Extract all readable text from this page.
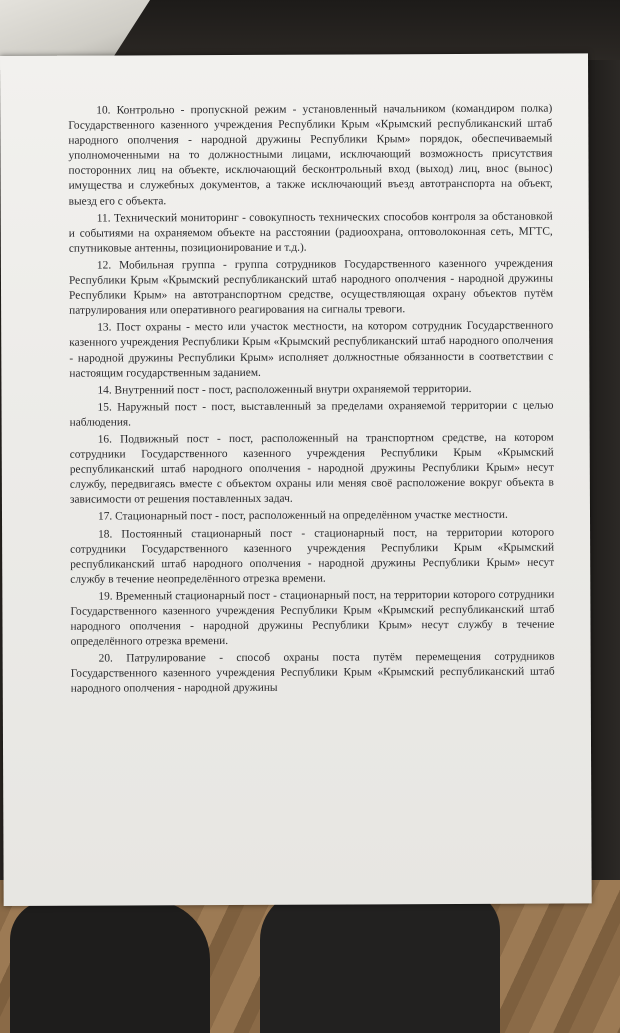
10. Контрольно - пропускной режим - установленный начальником (командиром полка) Государственного казенного учреждения Республики Крым «Крымский республиканский штаб народного ополчения - народной дружины Республики Крым» порядок, обеспечиваемый уполномоченными на то должностными лицами, исключающий возможность присутствия посторонних лиц на объекте, исключающий бесконтрольный вход (выход) лиц, внос (вынос) имущества и служебных документов, а также исключающий въезд автотранспорта на объект, выезд его с объекта.

11. Технический мониторинг - совокупность технических способов контроля за обстановкой и событиями на охраняемом объекте на расстоянии (радиоохрана, оптоволоконная сеть, МГТС, спутниковые антенны, позиционирование и т.д.).

12. Мобильная группа - группа сотрудников Государственного казенного учреждения Республики Крым «Крымский республиканский штаб народного ополчения - народной дружины Республики Крым» на автотранспортном средстве, осуществляющая охрану объектов путём патрулирования или оперативного реагирования на сигналы тревоги.

13. Пост охраны - место или участок местности, на котором сотрудник Государственного казенного учреждения Республики Крым «Крымский республиканский штаб народного ополчения - народной дружины Республики Крым» исполняет должностные обязанности в соответствии с настоящим государственным заданием.

14. Внутренний пост - пост, расположенный внутри охраняемой территории.

15. Наружный пост - пост, выставленный за пределами охраняемой территории с целью наблюдения.

16. Подвижный пост - пост, расположенный на транспортном средстве, на котором сотрудники Государственного казенного учреждения Республики Крым «Крымский республиканский штаб народного ополчения - народной дружины Республики Крым» несут службу, передвигаясь вместе с объектом охраны или меняя своё расположение вокруг объекта в зависимости от решения поставленных задач.

17. Стационарный пост - пост, расположенный на определённом участке местности.

18. Постоянный стационарный пост - стационарный пост, на территории которого сотрудники Государственного казенного учреждения Республики Крым «Крымский республиканский штаб народного ополчения - народной дружины Республики Крым» несут службу в течение неопределённого отрезка времени.

19. Временный стационарный пост - стационарный пост, на территории которого сотрудники Государственного казенного учреждения Республики Крым «Крымский республиканский штаб народного ополчения - народной дружины Республики Крым» несут службу в течение определённого отрезка времени.

20. Патрулирование - способ охраны поста путём перемещения сотрудников Государственного казенного учреждения Республики Крым «Крымский республиканский штаб народного ополчения - народной дружины
